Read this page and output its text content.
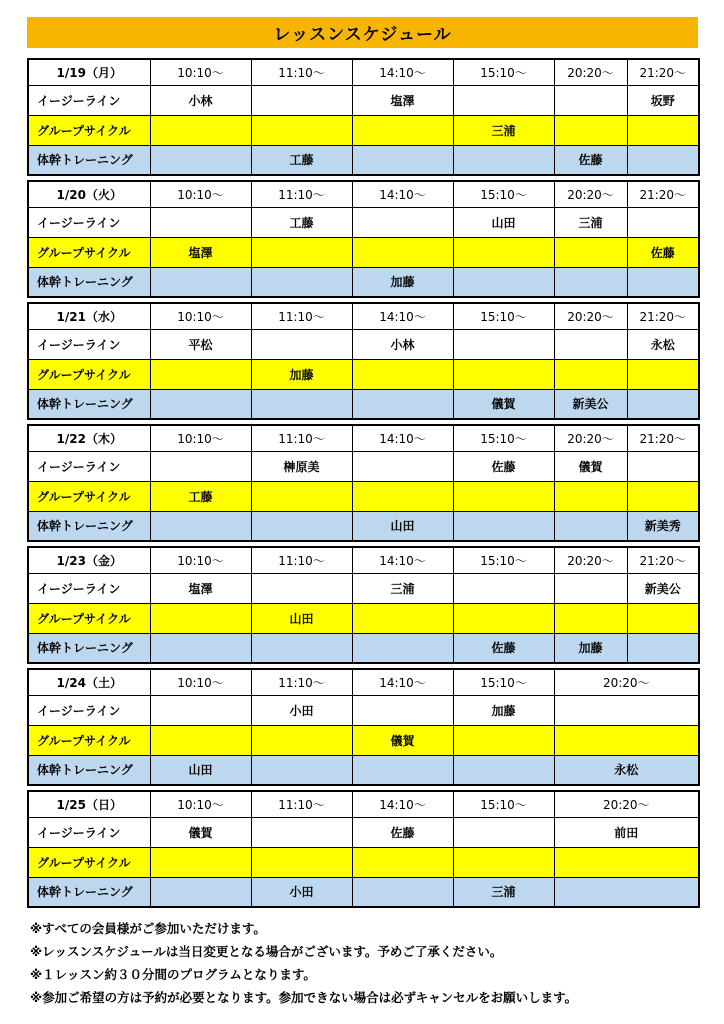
レッスンスケジュール
1/19（月）	10:10～	11:10～	14:10～	15:10～	20:20～	21:20～
イージーライン	小林		塩澤			坂野
グループサイクル				三浦		
体幹トレーニング		工藤			佐藤	
1/20（火）	10:10～	11:10～	14:10～	15:10～	20:20～	21:20～
イージーライン		工藤		山田	三浦	
グループサイクル	塩澤					佐藤
体幹トレーニング			加藤			
1/21（水）	10:10～	11:10～	14:10～	15:10～	20:20～	21:20～
イージーライン	平松		小林			永松
グループサイクル		加藤				
体幹トレーニング				儀賀	新美公	
1/22（木）	10:10～	11:10～	14:10～	15:10～	20:20～	21:20～
イージーライン		榊原美		佐藤	儀賀	
グループサイクル	工藤					
体幹トレーニング			山田			新美秀
1/23（金）	10:10～	11:10～	14:10～	15:10～	20:20～	21:20～
イージーライン	塩澤		三浦			新美公
グループサイクル		山田				
体幹トレーニング				佐藤	加藤	
1/24（土）	10:10～	11:10～	14:10～	15:10～	20:20～
イージーライン		小田		加藤	
グループサイクル			儀賀		
体幹トレーニング	山田				永松
1/25（日）	10:10～	11:10～	14:10～	15:10～	20:20～
イージーライン	儀賀		佐藤		前田
グループサイクル					
体幹トレーニング		小田		三浦	

※すべての会員様がご参加いただけます。

※レッスンスケジュールは当日変更となる場合がございます。予めご了承ください。

※１レッスン約３０分間のプログラムとなります。

※参加ご希望の方は予約が必要となります。参加できない場合は必ずキャンセルをお願いします。
